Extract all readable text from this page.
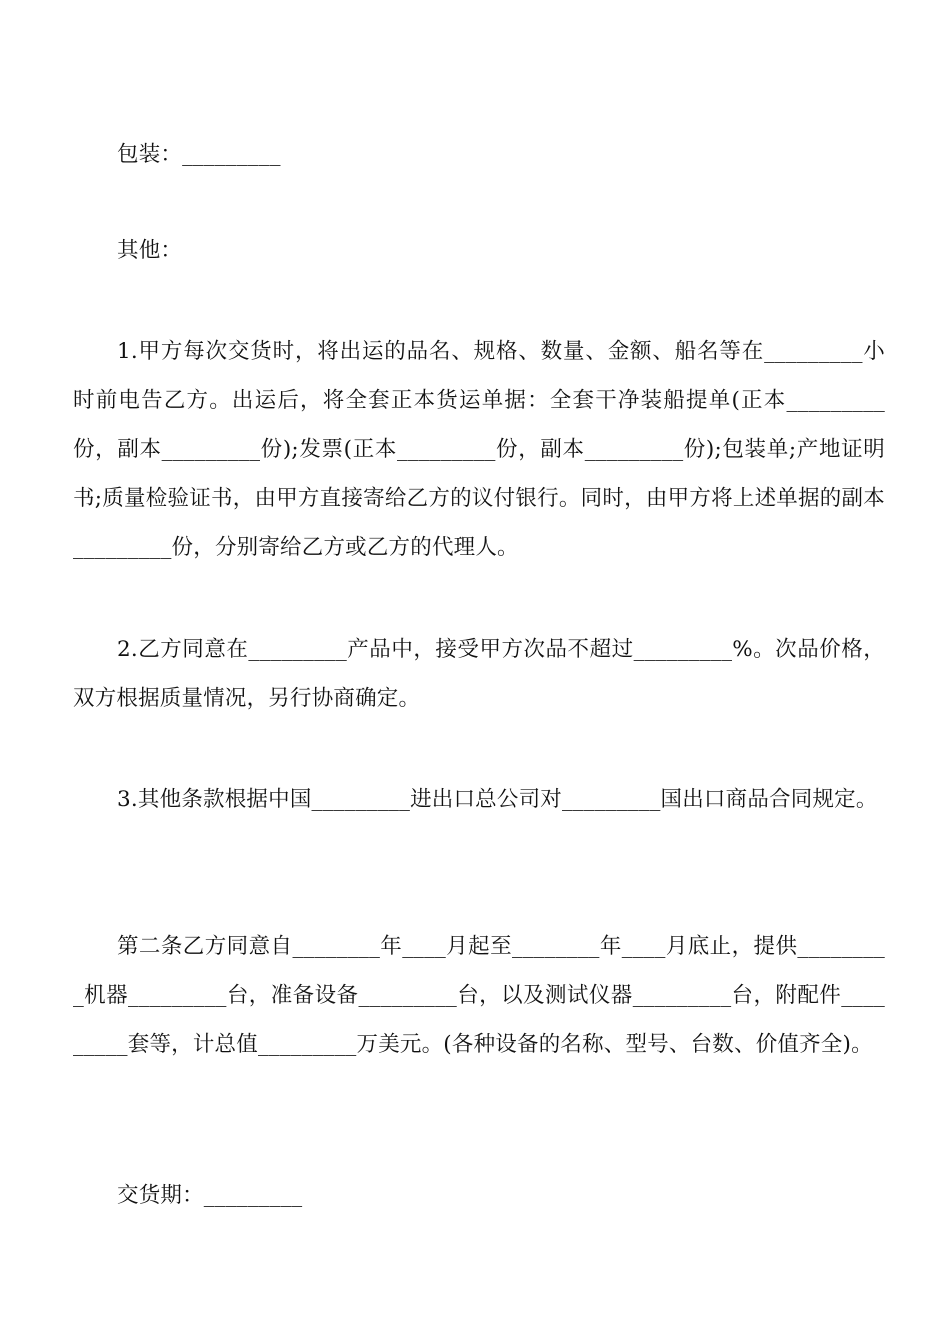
包装：_________

其他：

1.甲方每次交货时，将出运的品名、规格、数量、金额、船名等在_________小时前电告乙方。出运后，将全套正本货运单据：全套干净装船提单(正本_________份，副本_________份);发票(正本_________份，副本_________份);包装单;产地证明书;质量检验证书，由甲方直接寄给乙方的议付银行。同时，由甲方将上述单据的副本_________份，分别寄给乙方或乙方的代理人。

2.乙方同意在_________产品中，接受甲方次品不超过_________%。次品价格，双方根据质量情况，另行协商确定。

3.其他条款根据中国_________进出口总公司对_________国出口商品合同规定。

第二条乙方同意自________年____月起至________年____月底止，提供_________机器_________台，准备设备_________台，以及测试仪器_________台，附配件_________套等，计总值_________万美元。(各种设备的名称、型号、台数、价值齐全)。

交货期：_________
